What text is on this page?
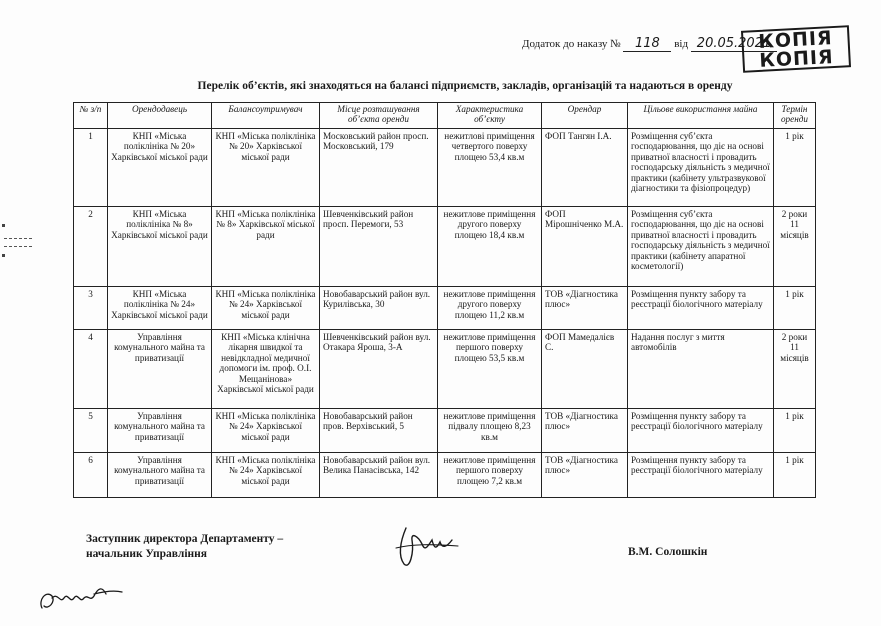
Додаток до наказу № 118 від 20.05.2021
КОПІЯ
КОПІЯ
Перелік об’єктів, які знаходяться на балансі підприємств, закладів, організацій та надаються в оренду
№ з/п	Орендодавець	Балансоутримувач	Місце розташування об’єкта оренди	Характеристика об’єкту	Орендар	Цільове використання майна	Термін оренди
1	КНП «Міська поліклініка № 20» Харківської міської ради	КНП «Міська поліклініка № 20» Харківської міської ради	Московський район просп. Московський, 179	нежитлові приміщення четвертого поверху площею 53,4 кв.м	ФОП Тангян І.А.	Розміщення суб’єкта господарювання, що діє на основі приватної власності і провадить господарську діяльність з медичної практики (кабінету ультразвукової діагностики та фізіопроцедур)	1 рік
2	КНП «Міська поліклініка № 8» Харківської міської ради	КНП «Міська поліклініка № 8» Харківської міської ради	Шевченківський район просп. Перемоги, 53	нежитлове приміщення другого поверху площею 18,4 кв.м	ФОП Мірошніченко М.А.	Розміщення суб’єкта господарювання, що діє на основі приватної власності і провадить господарську діяльність з медичної практики (кабінету апаратної косметології)	2 роки 11 місяців
3	КНП «Міська поліклініка № 24» Харківської міської ради	КНП «Міська поліклініка № 24» Харківської міської ради	Новобаварський район вул. Курилівська, 30	нежитлове приміщення другого поверху площею 11,2 кв.м	ТОВ «Діагностика плюс»	Розміщення пункту забору та реєстрації біологічного матеріалу	1 рік
4	Управління комунального майна та приватизації	КНП «Міська клінічна лікарня швидкої та невідкладної медичної допомоги ім. проф. О.І. Мещанінова» Харківської міської ради	Шевченківський район вул. Отакара Яроша, 3-А	нежитлове приміщення першого поверху площею 53,5 кв.м	ФОП Мамедалієв С.	Надання послуг з миття автомобілів	2 роки 11 місяців
5	Управління комунального майна та приватизації	КНП «Міська поліклініка № 24» Харківської міської ради	Новобаварський район пров. Верхівський, 5	нежитлове приміщення підвалу площею 8,23 кв.м	ТОВ «Діагностика плюс»	Розміщення пункту забору та реєстрації біологічного матеріалу	1 рік
6	Управління комунального майна та приватизації	КНП «Міська поліклініка № 24» Харківської міської ради	Новобаварський район вул. Велика Панасівська, 142	нежитлове приміщення першого поверху площею 7,2 кв.м	ТОВ «Діагностика плюс»	Розміщення пункту забору та реєстрації біологічного матеріалу	1 рік
Заступник директора Департаменту –
начальник Управління	В.М. Солошкін
